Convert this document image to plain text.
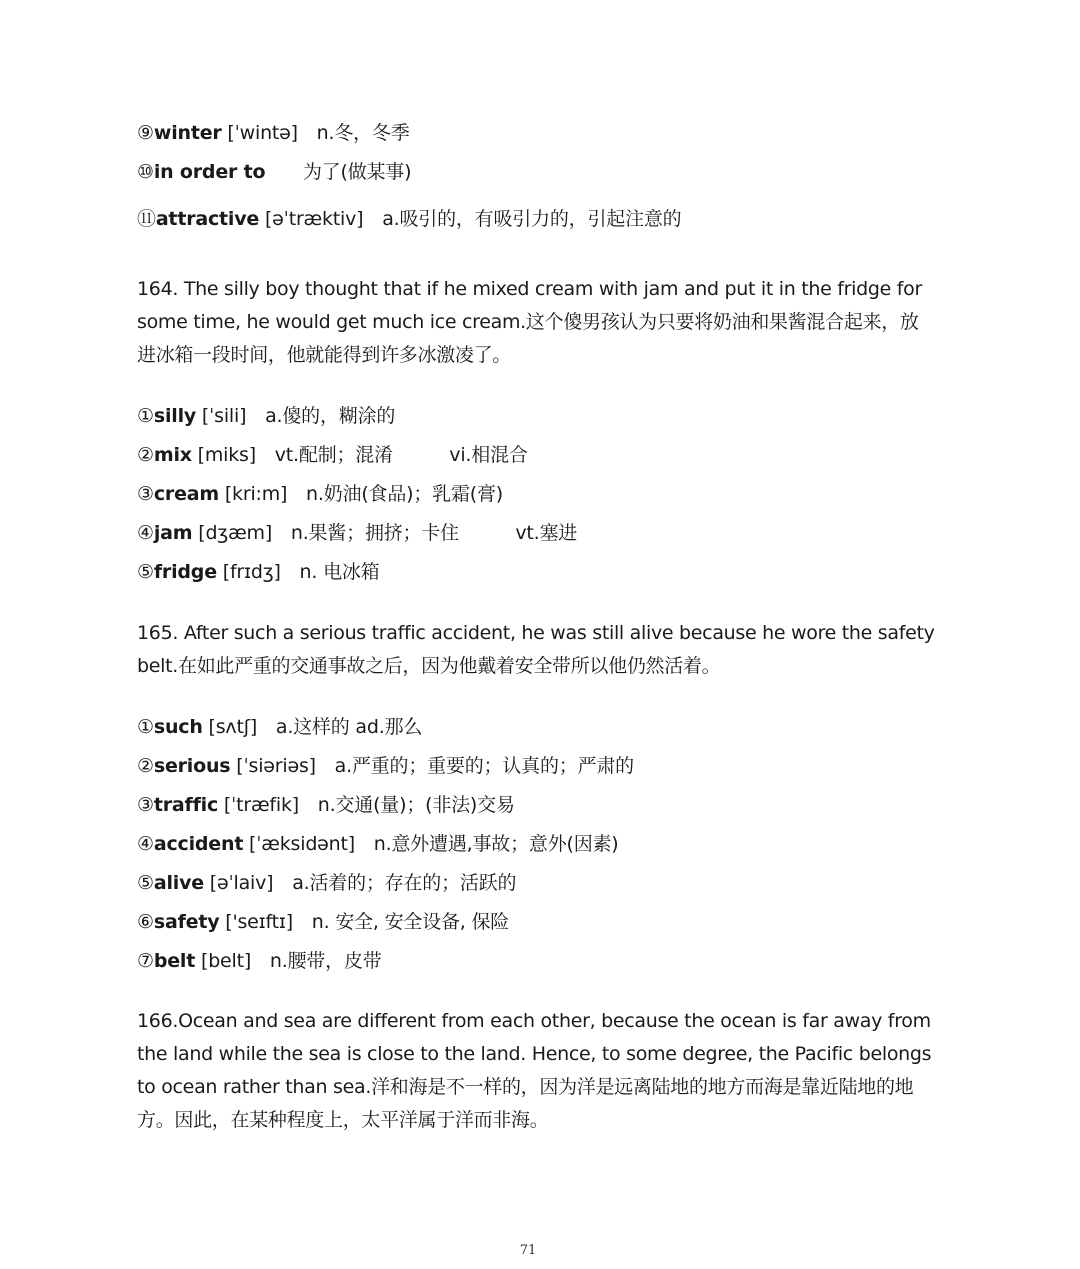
⑨winter [ˈwintə]　n.冬，冬季
⑩in order to　　为了(做某事)
⑪attractive [əˈtræktiv]　a.吸引的，有吸引力的，引起注意的
164. The silly boy thought that if he mixed cream with jam and put it in the fridge for
some time, he would get much ice cream.这个傻男孩认为只要将奶油和果酱混合起来，放
进冰箱一段时间，他就能得到许多冰激凌了。
①silly [ˈsili]　a.傻的，糊涂的
②mix [miks]　vt.配制；混淆　　　vi.相混合
③cream [kri:m]　n.奶油(食品)；乳霜(膏)
④jam [dʒæm]　n.果酱；拥挤；卡住　　　vt.塞进
⑤fridge [frɪdʒ]　n. 电冰箱
165. After such a serious traffic accident, he was still alive because he wore the safety
belt.在如此严重的交通事故之后，因为他戴着安全带所以他仍然活着。
①such [sʌtʃ]　a.这样的 ad.那么
②serious [ˈsiəriəs]　a.严重的；重要的；认真的；严肃的
③traffic [ˈtræfik]　n.交通(量)；(非法)交易
④accident [ˈæksidənt]　n.意外遭遇,事故；意外(因素)
⑤alive [əˈlaiv]　a.活着的；存在的；活跃的
⑥safety ['seɪftɪ]　n. 安全, 安全设备, 保险
⑦belt [belt]　n.腰带，皮带
166.Ocean and sea are different from each other, because the ocean is far away from
the land while the sea is close to the land. Hence, to some degree, the Pacific belongs
to ocean rather than sea.洋和海是不一样的，因为洋是远离陆地的地方而海是靠近陆地的地
方。因此，在某种程度上，太平洋属于洋而非海。
71
